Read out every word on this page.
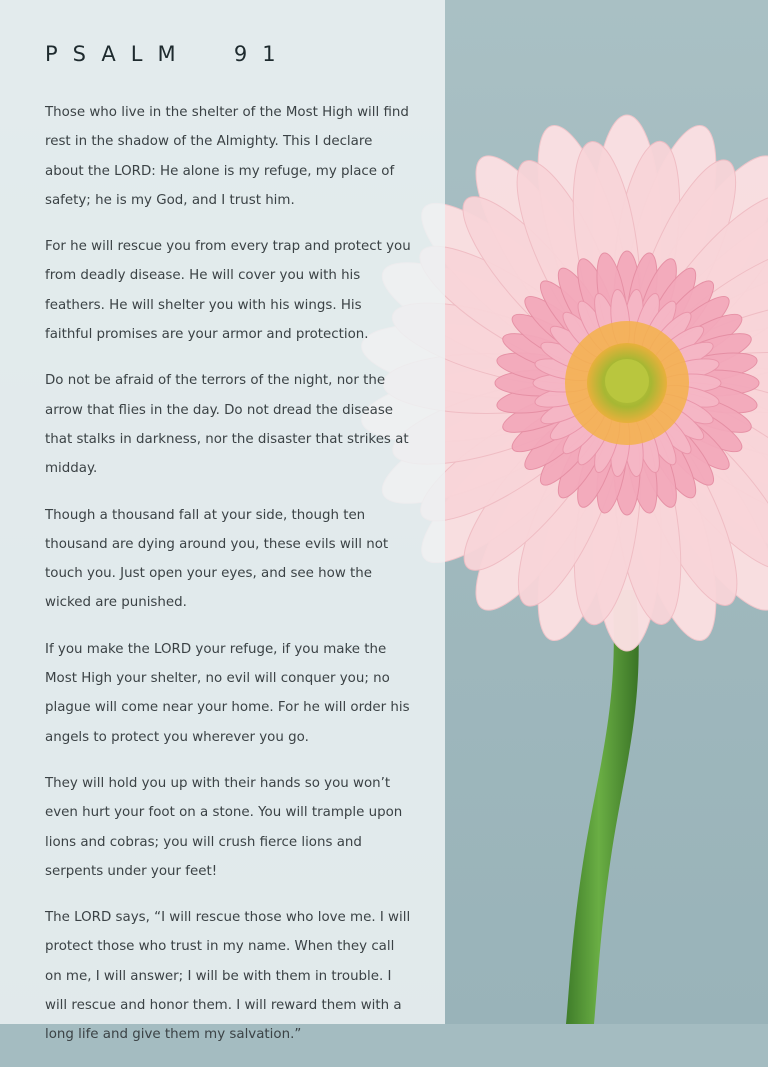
PSALM  91

Those who live in the shelter of the Most High will find rest in the shadow of the Almighty. This I declare about the LORD: He alone is my refuge, my place of safety; he is my God, and I trust him.

For he will rescue you from every trap and protect you from deadly disease. He will cover you with his feathers. He will shelter you with his wings. His faithful promises are your armor and protection.

Do not be afraid of the terrors of the night, nor the arrow that flies in the day. Do not dread the disease that stalks in darkness, nor the disaster that strikes at midday.

Though a thousand fall at your side, though ten thousand are dying around you, these evils will not touch you. Just open your eyes, and see how the wicked are punished.

If you make the LORD your refuge, if you make the Most High your shelter, no evil will conquer you; no plague will come near your home. For he will order his angels to protect you wherever you go.

They will hold you up with their hands so you won’t even hurt your foot on a stone. You will trample upon lions and cobras; you will crush fierce lions and serpents under your feet!

The LORD says, “I will rescue those who love me. I will protect those who trust in my name. When they call on me, I will answer; I will be with them in trouble. I will rescue and honor them. I will reward them with a long life and give them my salvation.”
